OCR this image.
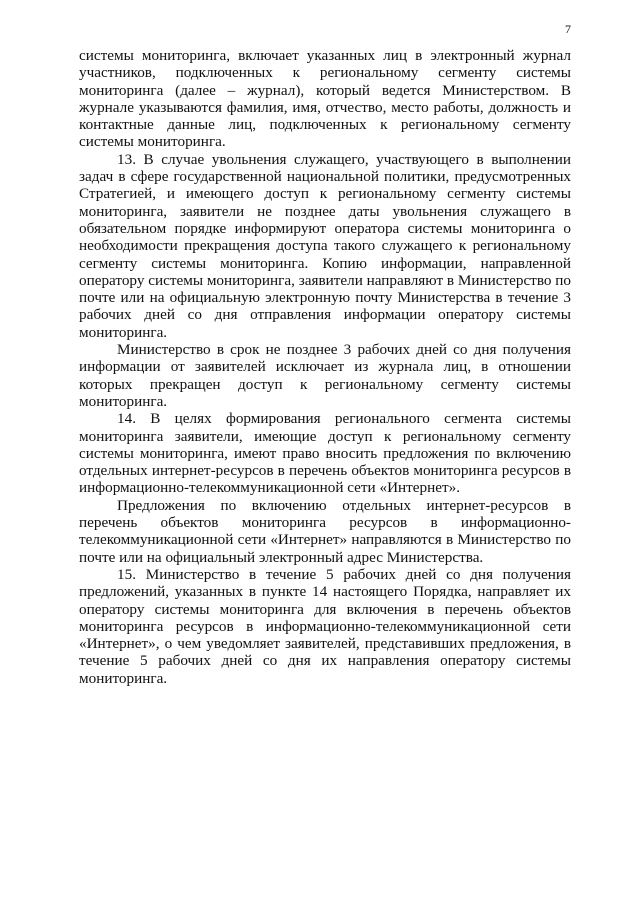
7

системы мониторинга, включает указанных лиц в электронный журнал участников, подключенных к региональному сегменту системы мониторинга (далее – журнал), который ведется Министерством. В журнале указываются фамилия, имя, отчество, место работы, должность и контактные данные лиц, подключенных к региональному сегменту системы мониторинга.

13. В случае увольнения служащего, участвующего в выполнении задач в сфере государственной национальной политики, предусмотренных Стратегией, и имеющего доступ к региональному сегменту системы мониторинга, заявители не позднее даты увольнения служащего в обязательном порядке информируют оператора системы мониторинга о необходимости прекращения доступа такого служащего к региональному сегменту системы мониторинга. Копию информации, направленной оператору системы мониторинга, заявители направляют в Министерство по почте или на официальную электронную почту Министерства в течение 3 рабочих дней со дня отправления информации оператору системы мониторинга.

Министерство в срок не позднее 3 рабочих дней со дня получения информации от заявителей исключает из журнала лиц, в отношении которых прекращен доступ к региональному сегменту системы мониторинга.

14. В целях формирования регионального сегмента системы мониторинга заявители, имеющие доступ к региональному сегменту системы мониторинга, имеют право вносить предложения по включению отдельных интернет-ресурсов в перечень объектов мониторинга ресурсов в информационно-телекоммуникационной сети «Интернет».

Предложения по включению отдельных интернет-ресурсов в перечень объектов мониторинга ресурсов в информационно-телекоммуникационной сети «Интернет» направляются в Министерство по почте или на официальный электронный адрес Министерства.

15. Министерство в течение 5 рабочих дней со дня получения предложений, указанных в пункте 14 настоящего Порядка, направляет их оператору системы мониторинга для включения в перечень объектов мониторинга ресурсов в информационно-телекоммуникационной сети «Интернет», о чем уведомляет заявителей, представивших предложения, в течение 5 рабочих дней со дня их направления оператору системы мониторинга.
